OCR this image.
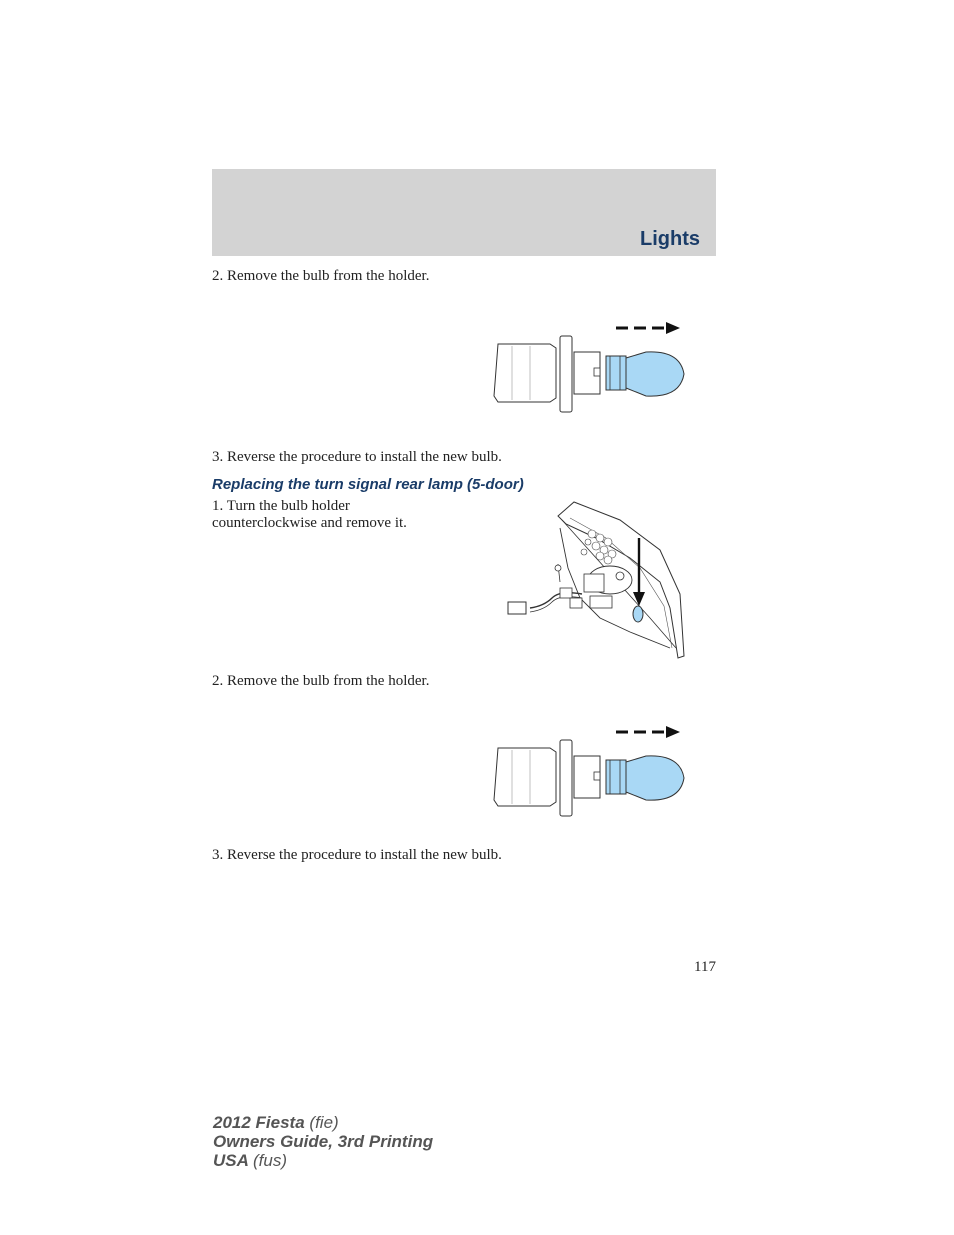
Lights
2. Remove the bulb from the holder.
3. Reverse the procedure to install the new bulb.
Replacing the turn signal rear lamp (5-door)
1. Turn the bulb holder
counterclockwise and remove it.
2. Remove the bulb from the holder.
3. Reverse the procedure to install the new bulb.
117
2012 Fiesta (fie)
Owners Guide, 3rd Printing
USA (fus)
